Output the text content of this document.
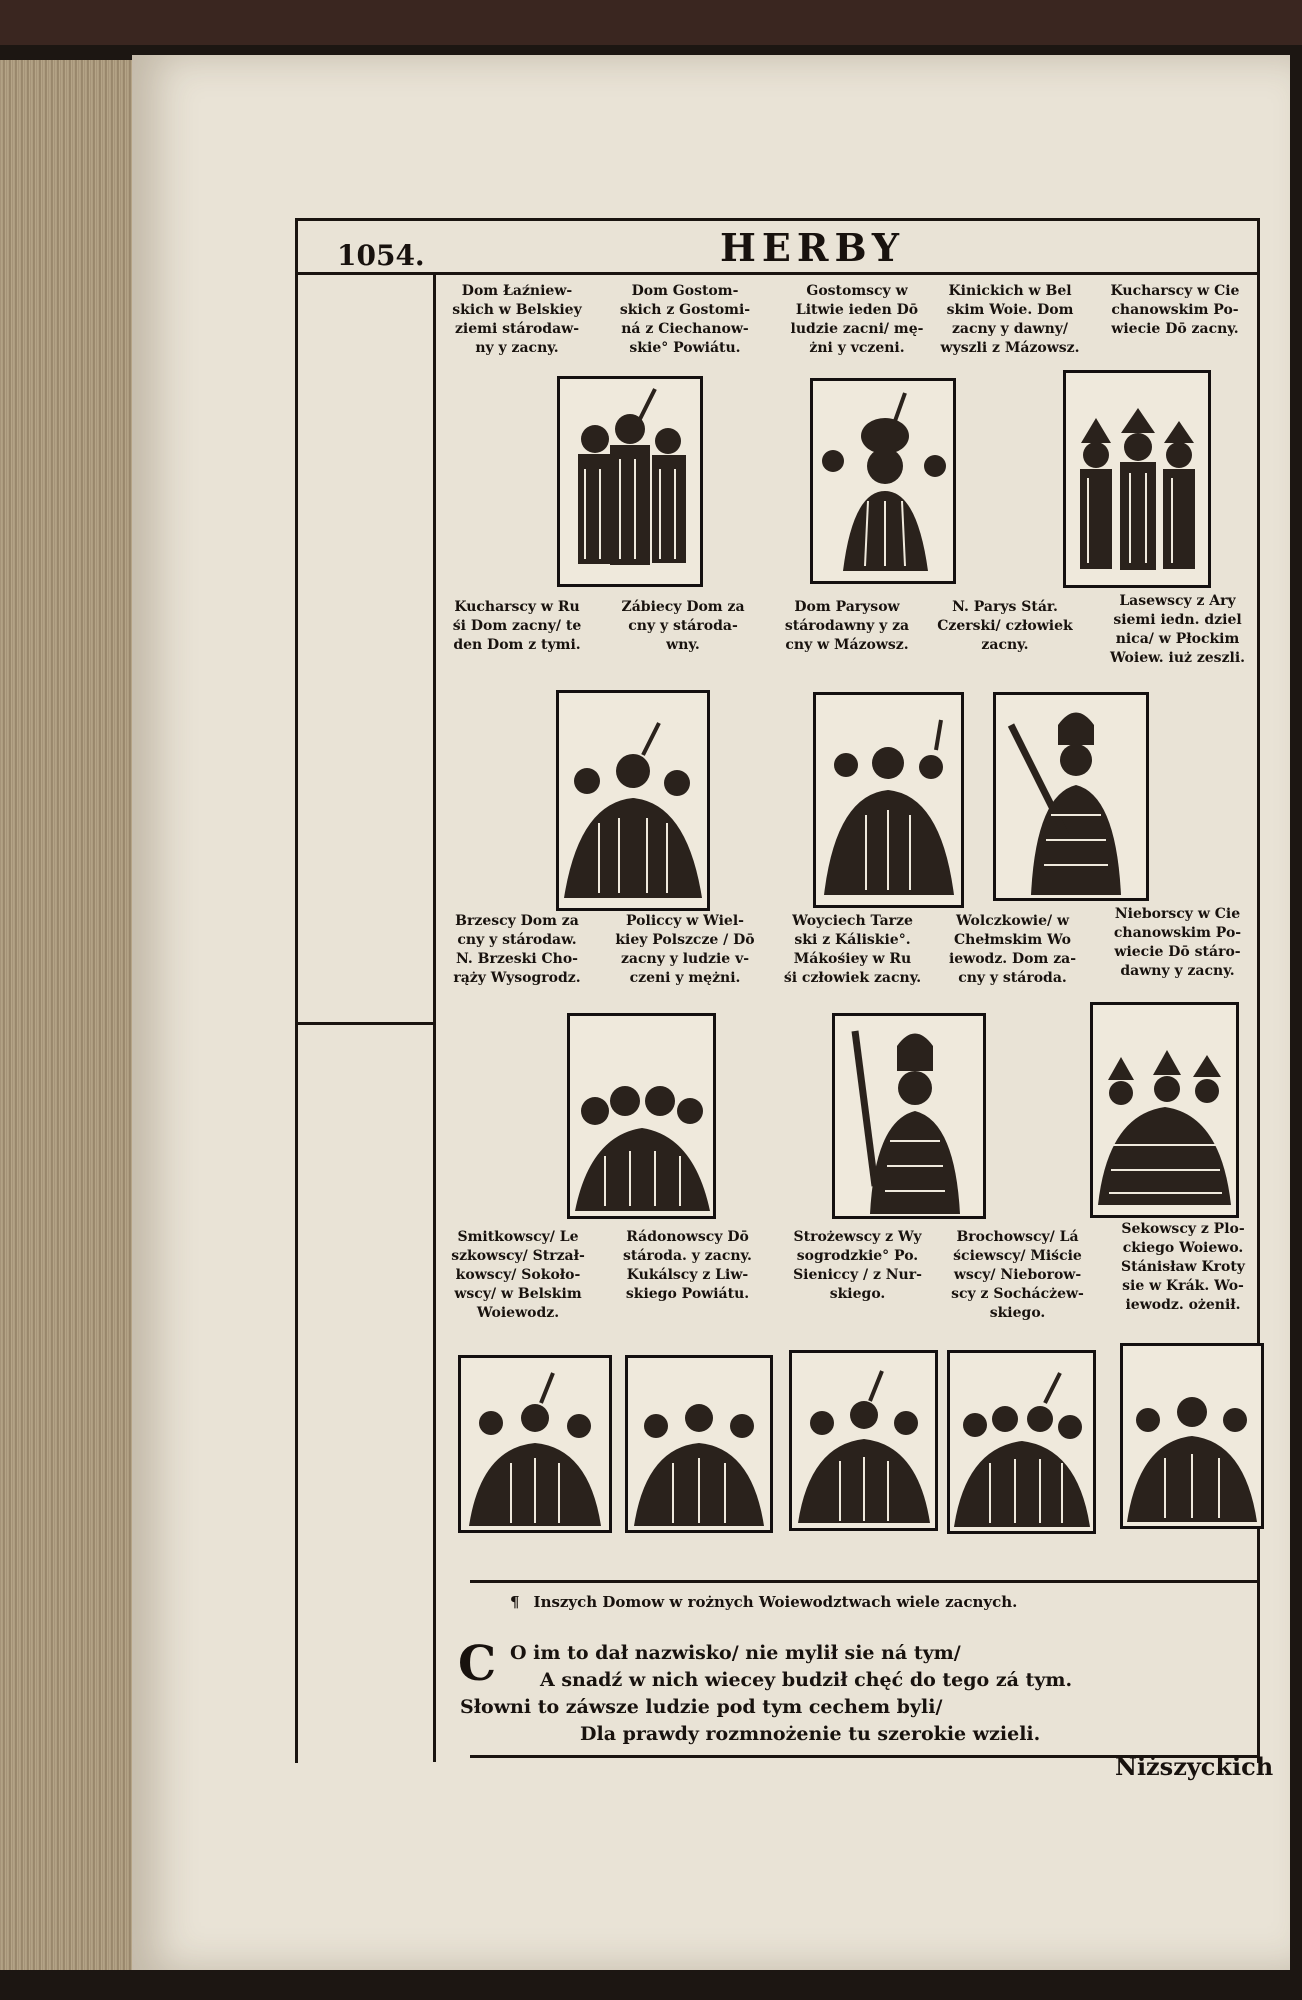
1054.	HERBY
Dom Łaźniew-
skich w Belskiey
ziemi stárodaw-
ny y zacny.
Dom Gostom-
skich z Gostomi-
ná z Ciechanow-
skie° Powiátu.
Gostomscy w
Litwie ieden Dō
ludzie zacni/ mę-
żni y vczeni.
Kinickich w Bel
skim Woie. Dom
zacny y dawny/
wyszli z Mázowsz.
Kucharscy w Cie
chanowskim Po-
wiecie Dō zacny.
Kucharscy w Ru
śi Dom zacny/ te
den Dom z tymi.
Zábiecy Dom za
cny y stároda-
wny.
Dom Parysow
stárodawny y za
cny w Mázowsz.
N. Parys Stár.
Czerski/ człowiek
zacny.
Lasewscy z Ary
siemi iedn. dziel
nica/ w Płockim
Woiew. iuż zeszli.
Brzescy Dom za
cny y stárodaw.
N. Brzeski Cho-
rąży Wysogrodz.
Policcy w Wiel-
kiey Polszcze / Dō
zacny y ludzie v-
czeni y mężni.
Woyciech Tarze
ski z Káliskie°.
Mákośiey w Ru
śi człowiek zacny.
Wolczkowie/ w
Chełmskim Wo
iewodz. Dom za-
cny y stároda.
Nieborscy w Cie
chanowskim Po-
wiecie Dō stáro-
dawny y zacny.
Smitkowscy/ Le
szkowscy/ Strzał-
kowscy/ Sokoło-
wscy/ w Belskim
Woiewodz.
Rádonowscy Dō
stároda. y zacny.
Kukálscy z Liw-
skiego Powiátu.
Strożewscy z Wy
sogrodzkie° Po.
Sieniccy / z Nur-
skiego.
Brochowscy/ Lá
ściewscy/ Miście
wscy/ Nieborow-
scy z Sochácżew-
skiego.
Sekowscy z Plo-
ckiego Woiewo.
Stánisław Kroty
sie w Krák. Wo-
iewodz. ożenił.
¶ Inszych Domow w rożnych Woiewodztwach wiele zacnych.
C O im to dał nazwisko/ nie mylił sie ná tym/
A snadź w nich wiecey budził chęć do tego zá tym.
Słowni to záwsze ludzie pod tym cechem byli/
Dla prawdy rozmnożenie tu szerokie wzieli.
Niższyckich
